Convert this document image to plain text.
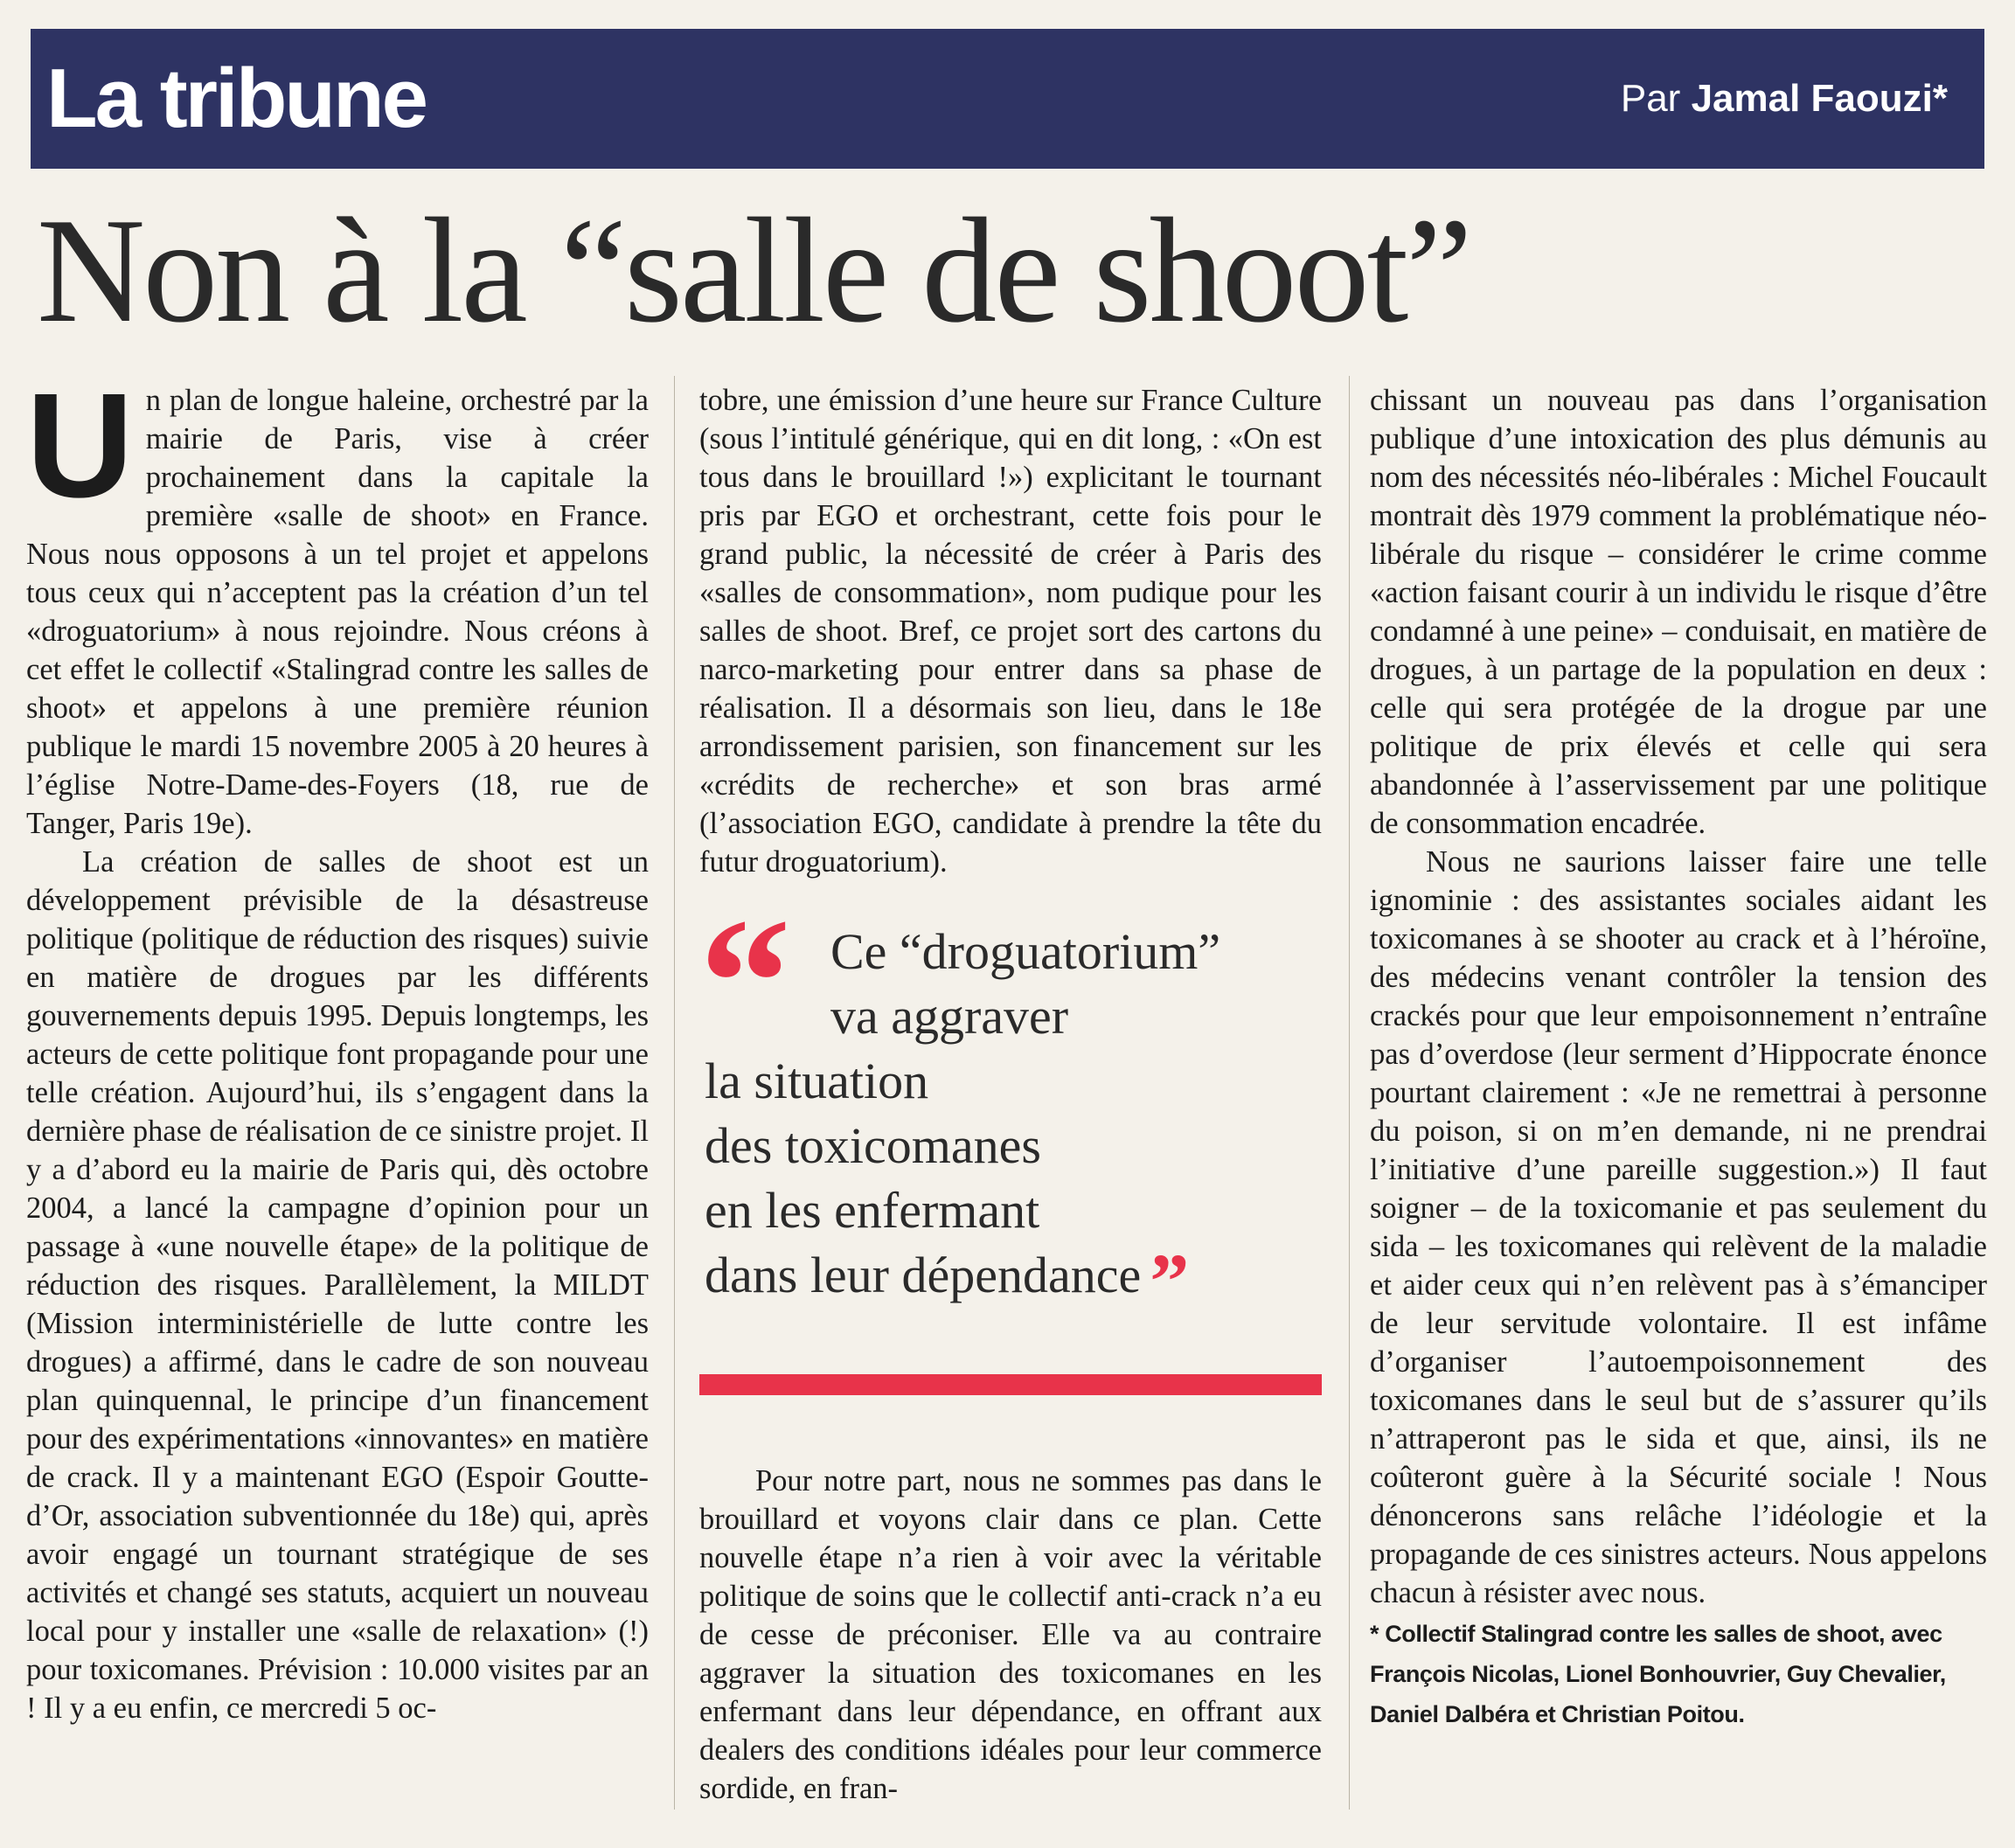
La tribune	Par Jamal Faouzi*
Non à la “salle de shoot”

Un plan de longue haleine, orchestré par la mairie de Paris, vise à créer prochainement dans la capitale la première «salle de shoot» en France. Nous nous opposons à un tel projet et appelons tous ceux qui n’acceptent pas la création d’un tel «droguatorium» à nous rejoindre. Nous créons à cet effet le collectif «Stalingrad contre les salles de shoot» et appelons à une première réunion publique le mardi 15 novembre 2005 à 20 heures à l’église Notre-Dame-des-Foyers (18, rue de Tanger, Paris 19e).

La création de salles de shoot est un développement prévisible de la désastreuse politique (politique de réduction des risques) suivie en matière de drogues par les différents gouvernements depuis 1995. Depuis longtemps, les acteurs de cette politique font propagande pour une telle création. Aujourd’hui, ils s’engagent dans la dernière phase de réalisation de ce sinistre projet. Il y a d’abord eu la mairie de Paris qui, dès octobre 2004, a lancé la campagne d’opinion pour un passage à «une nouvelle étape» de la politique de réduction des risques. Parallèlement, la MILDT (Mission interministérielle de lutte contre les drogues) a affirmé, dans le cadre de son nouveau plan quinquennal, le principe d’un financement pour des expérimentations «innovantes» en matière de crack. Il y a maintenant EGO (Espoir Goutte-d’Or, association subventionnée du 18e) qui, après avoir engagé un tournant stratégique de ses activités et changé ses statuts, acquiert un nouveau local pour y installer une «salle de relaxation» (!) pour toxicomanes. Prévision : 10.000 visites par an ! Il y a eu enfin, ce mercredi 5 oc-

tobre, une émission d’une heure sur France Culture (sous l’intitulé générique, qui en dit long, : «On est tous dans le brouillard !») explicitant le tournant pris par EGO et orchestrant, cette fois pour le grand public, la nécessité de créer à Paris des «salles de consommation», nom pudique pour les salles de shoot. Bref, ce projet sort des cartons du narco-marketing pour entrer dans sa phase de réalisation. Il a désormais son lieu, dans le 18e arrondissement parisien, son financement sur les «crédits de recherche» et son bras armé (l’association EGO, candidate à prendre la tête du futur droguatorium).

“ Ce “droguatorium”
va aggraver
la situation
des toxicomanes
en les enfermant
dans leur dépendance ”

Pour notre part, nous ne sommes pas dans le brouillard et voyons clair dans ce plan. Cette nouvelle étape n’a rien à voir avec la véritable politique de soins que le collectif anti-crack n’a eu de cesse de préconiser. Elle va au contraire aggraver la situation des toxicomanes en les enfermant dans leur dépendance, en offrant aux dealers des conditions idéales pour leur commerce sordide, en fran-

chissant un nouveau pas dans l’organisation publique d’une intoxication des plus démunis au nom des nécessités néo-libérales : Michel Foucault montrait dès 1979 comment la problématique néo-libérale du risque – considérer le crime comme «action faisant courir à un individu le risque d’être condamné à une peine» – conduisait, en matière de drogues, à un partage de la population en deux : celle qui sera protégée de la drogue par une politique de prix élevés et celle qui sera abandonnée à l’asservissement par une politique de consommation encadrée.

Nous ne saurions laisser faire une telle ignominie : des assistantes sociales aidant les toxicomanes à se shooter au crack et à l’héroïne, des médecins venant contrôler la tension des crackés pour que leur empoisonnement n’entraîne pas d’overdose (leur serment d’Hippocrate énonce pourtant clairement : «Je ne remettrai à personne du poison, si on m’en demande, ni ne prendrai l’initiative d’une pareille suggestion.») Il faut soigner – de la toxicomanie et pas seulement du sida – les toxicomanes qui relèvent de la maladie et aider ceux qui n’en relèvent pas à s’émanciper de leur servitude volontaire. Il est infâme d’organiser l’autoempoisonnement des toxicomanes dans le seul but de s’assurer qu’ils n’attraperont pas le sida et que, ainsi, ils ne coûteront guère à la Sécurité sociale ! Nous dénoncerons sans relâche l’idéologie et la propagande de ces sinistres acteurs. Nous appelons chacun à résister avec nous.

* Collectif Stalingrad contre les salles de shoot, avec François Nicolas, Lionel Bonhouvrier, Guy Chevalier, Daniel Dalbéra et Christian Poitou.
